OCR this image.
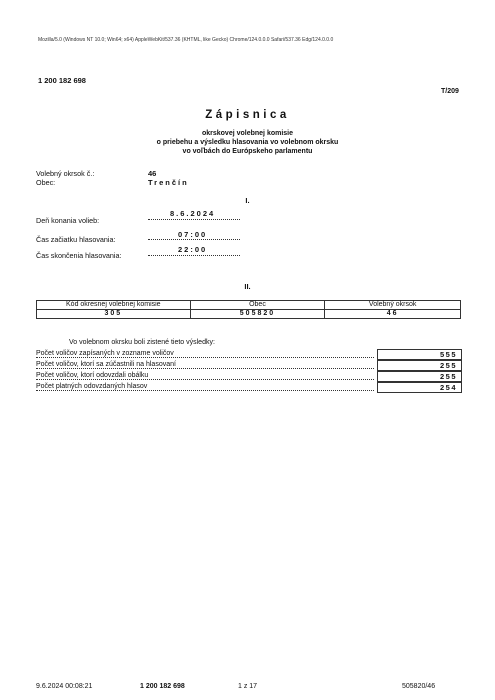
Mozilla/5.0 (Windows NT 10.0; Win64; x64) AppleWebKit/537.36 (KHTML, like Gecko) Chrome/124.0.0.0 Safari/537.36 Edg/124.0.0.0
1 200 182 698
T/209
Zápisnica
okrskovej volebnej komisie
o priebehu a výsledku hlasovania vo volebnom okrsku
vo voľbách do Európskeho parlamentu
Volebný okrsok č.:	46
Obec:	Trenčín
I.
Deň konania volieb:
8.6.2024
Čas začiatku hlasovania:
07:00
Čas skončenia hlasovania:
22:00
II.
Kód okresnej volebnej komisie	Obec	Volebný okrsok
305	505820	46
Vo volebnom okrsku boli zistené tieto výsledky:
Počet voličov zapísaných v zozname voličov	555
Počet voličov, ktorí sa zúčastnili na hlasovaní	255
Počet voličov, ktorí odovzdali obálku	255
Počet platných odovzdaných hlasov	254
9.6.2024 00:08:21	1 200 182 698	1 z 17	505820/46
